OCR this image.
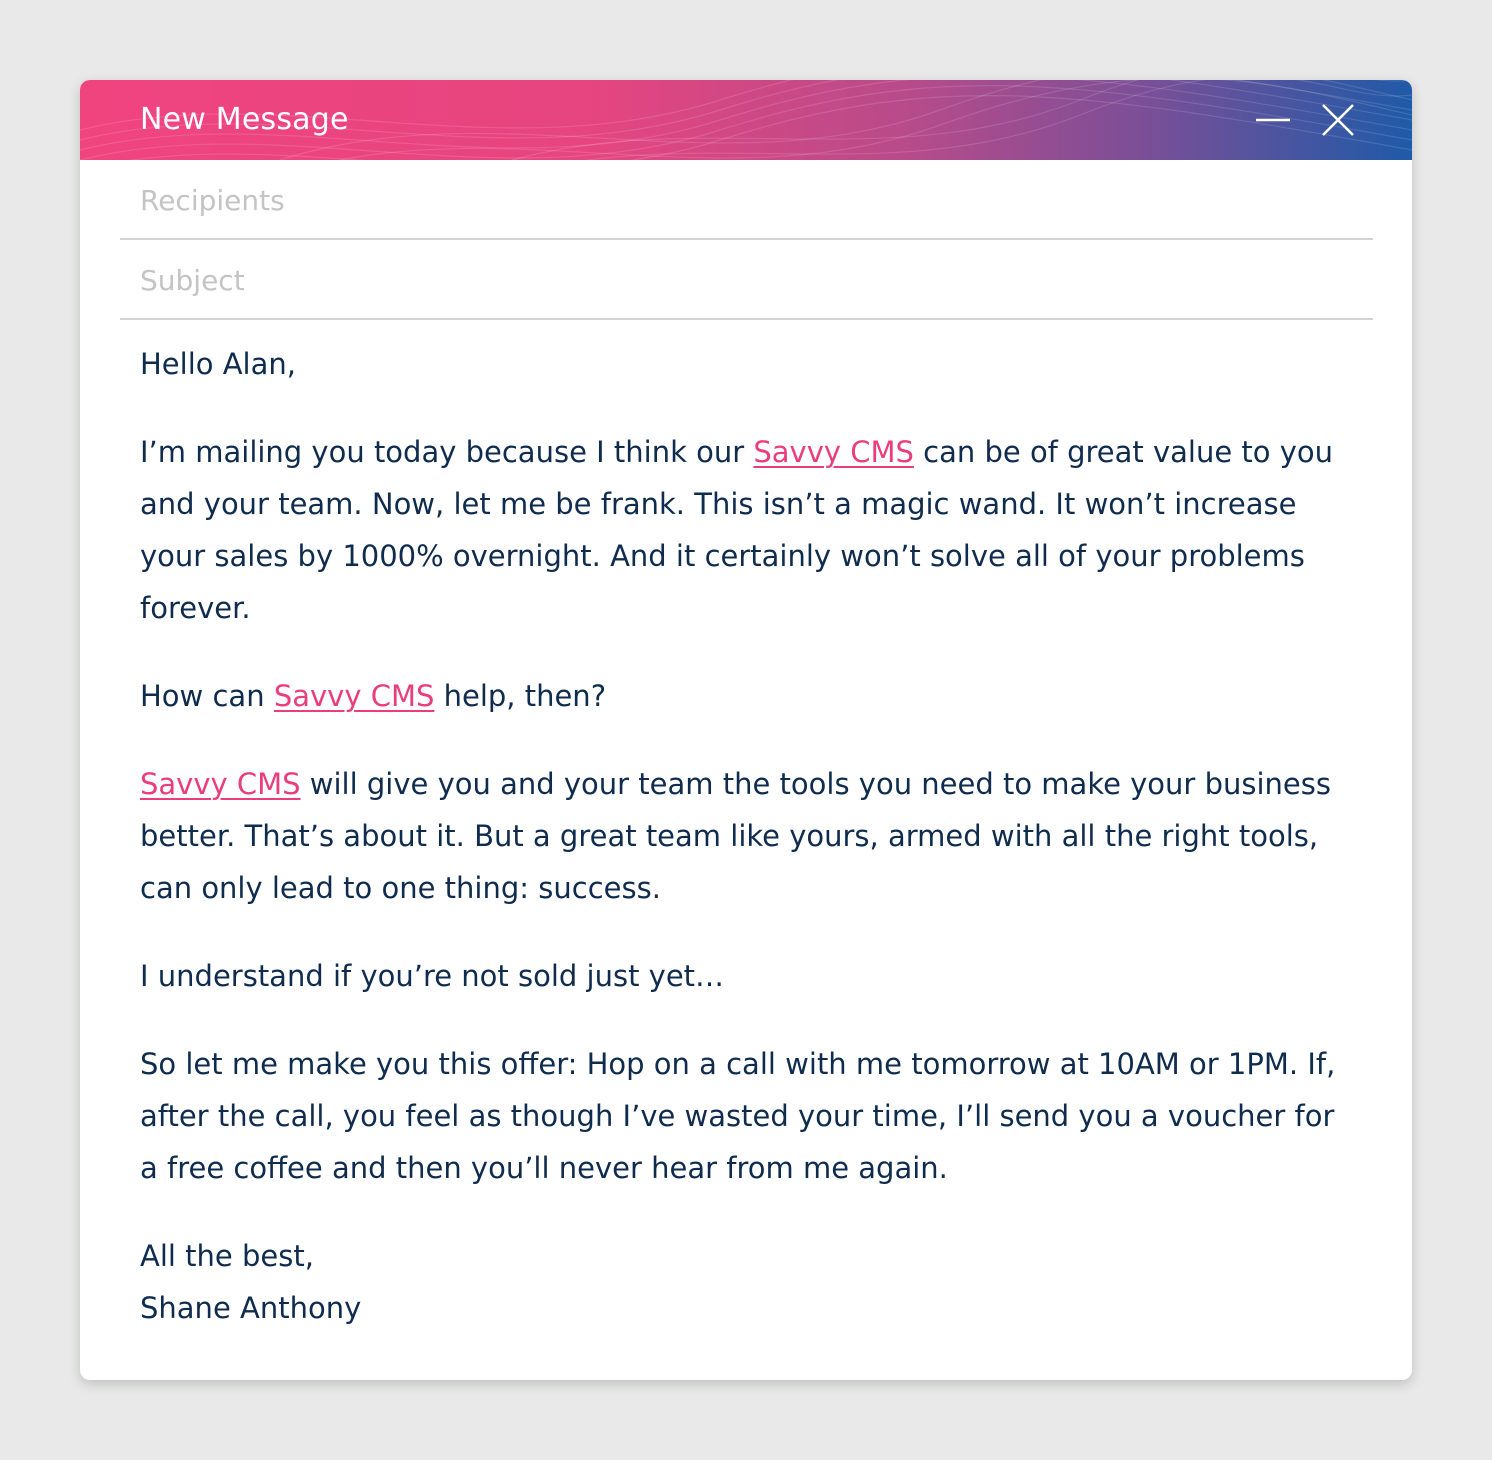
New Message
Recipients
Subject

Hello Alan,

I’m mailing you today because I think our Savvy CMS can be of great value to you and your team. Now, let me be frank. This isn’t a magic wand. It won’t increase your sales by 1000% overnight. And it certainly won’t solve all of your problems forever.

How can Savvy CMS help, then?

Savvy CMS will give you and your team the tools you need to make your business better. That’s about it. But a great team like yours, armed with all the right tools, can only lead to one thing: success.

I understand if you’re not sold just yet…

So let me make you this offer: Hop on a call with me tomorrow at 10AM or 1PM. If, after the call, you feel as though I’ve wasted your time, I’ll send you a voucher for a free coffee and then you’ll never hear from me again.

All the best,
Shane Anthony
